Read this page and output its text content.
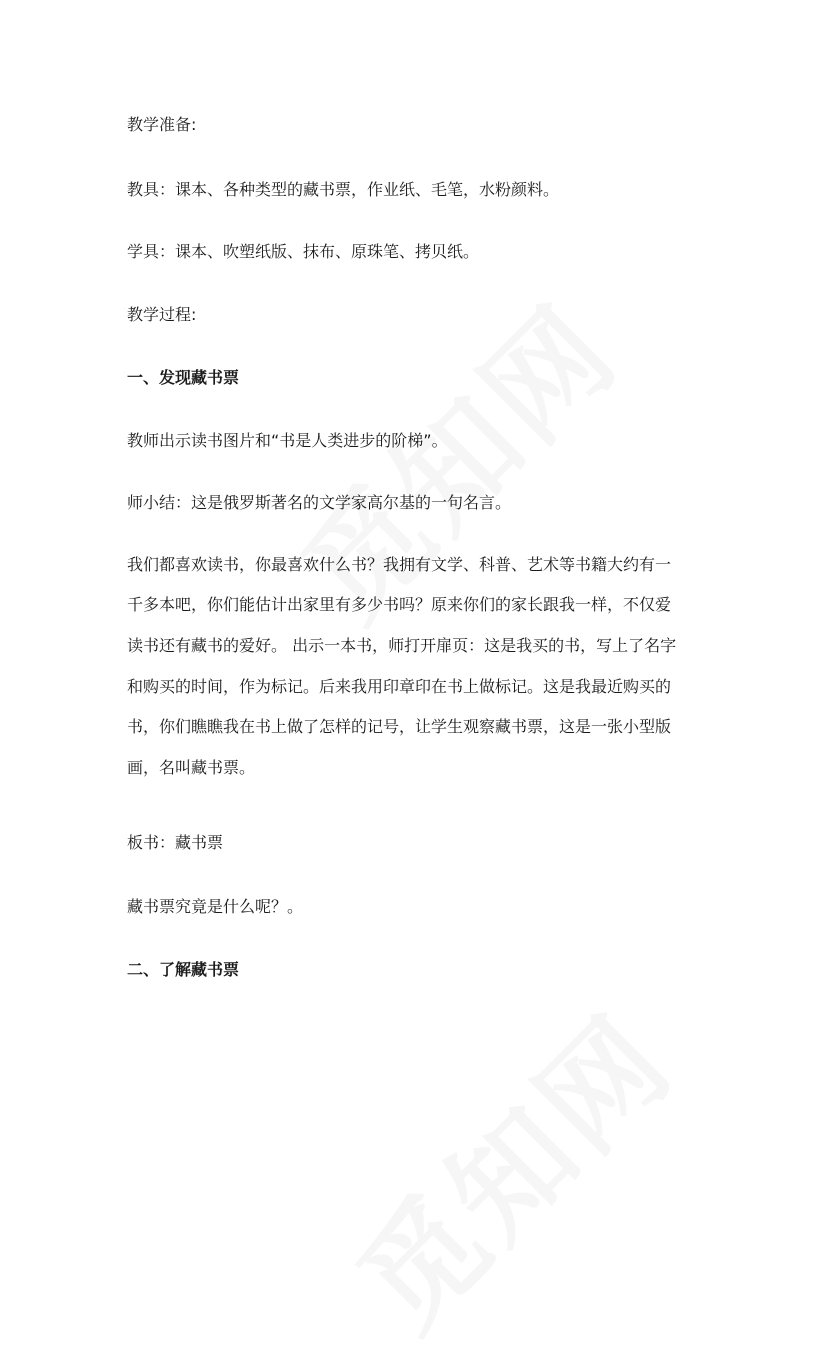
教学准备:
教具：课本、各种类型的藏书票，作业纸、毛笔，水粉颜料。
学具：课本、吹塑纸版、抹布、原珠笔、拷贝纸。
教学过程:
一、发现藏书票
教师出示读书图片和“书是人类进步的阶梯”。
师小结：这是俄罗斯著名的文学家高尔基的一句名言。
我们都喜欢读书，你最喜欢什么书？我拥有文学、科普、艺术等书籍大约有一
千多本吧，你们能估计出家里有多少书吗？原来你们的家长跟我一样，不仅爱
读书还有藏书的爱好。 出示一本书，师打开扉页：这是我买的书，写上了名字
和购买的时间，作为标记。后来我用印章印在书上做标记。这是我最近购买的
书，你们瞧瞧我在书上做了怎样的记号，让学生观察藏书票，这是一张小型版
画，名叫藏书票。
板书：藏书票
藏书票究竟是什么呢？。
二、了解藏书票
